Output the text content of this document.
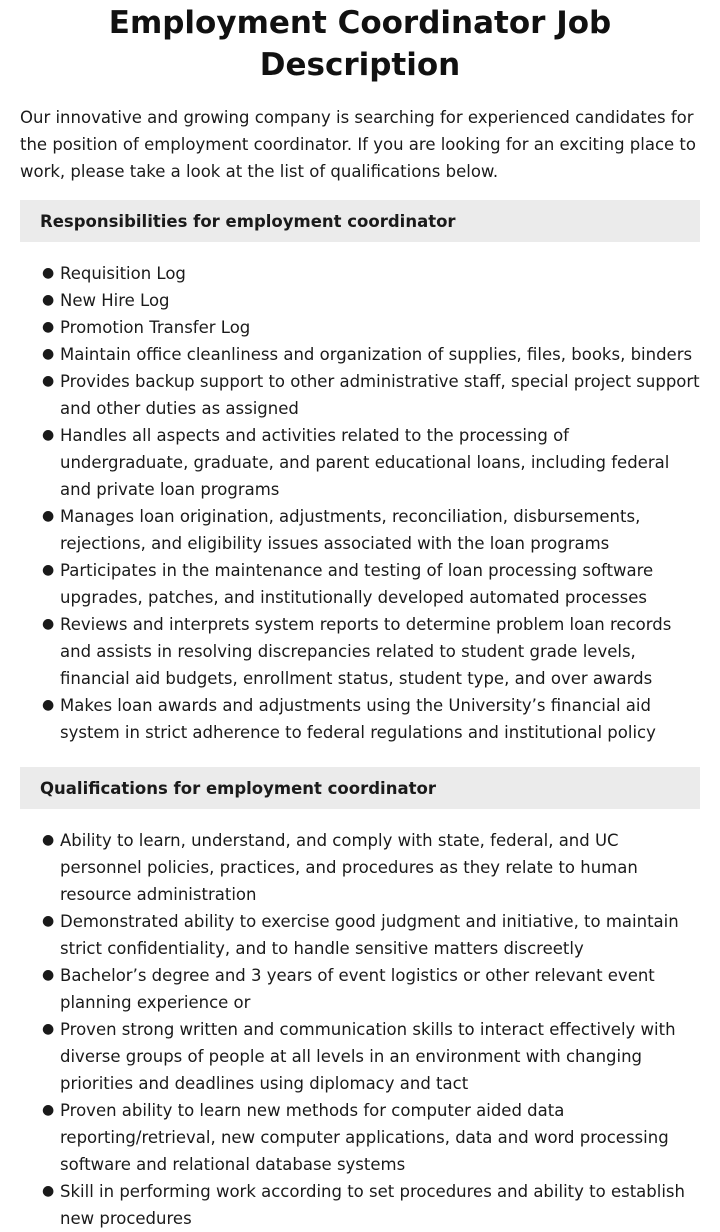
Employment Coordinator Job Description

Our innovative and growing company is searching for experienced candidates for the position of employment coordinator. If you are looking for an exciting place to work, please take a look at the list of qualifications below.

Responsibilities for employment coordinator
● Requisition Log
● New Hire Log
● Promotion Transfer Log
● Maintain office cleanliness and organization of supplies, files, books, binders
● Provides backup support to other administrative staff, special project support and other duties as assigned
● Handles all aspects and activities related to the processing of undergraduate, graduate, and parent educational loans, including federal and private loan programs
● Manages loan origination, adjustments, reconciliation, disbursements, rejections, and eligibility issues associated with the loan programs
● Participates in the maintenance and testing of loan processing software upgrades, patches, and institutionally developed automated processes
● Reviews and interprets system reports to determine problem loan records and assists in resolving discrepancies related to student grade levels, financial aid budgets, enrollment status, student type, and over awards
● Makes loan awards and adjustments using the University’s financial aid system in strict adherence to federal regulations and institutional policy
Qualifications for employment coordinator
● Ability to learn, understand, and comply with state, federal, and UC personnel policies, practices, and procedures as they relate to human resource administration
● Demonstrated ability to exercise good judgment and initiative, to maintain strict confidentiality, and to handle sensitive matters discreetly
● Bachelor’s degree and 3 years of event logistics or other relevant event planning experience or
● Proven strong written and communication skills to interact effectively with diverse groups of people at all levels in an environment with changing priorities and deadlines using diplomacy and tact
● Proven ability to learn new methods for computer aided data reporting/retrieval, new computer applications, data and word processing software and relational database systems
● Skill in performing work according to set procedures and ability to establish new procedures
